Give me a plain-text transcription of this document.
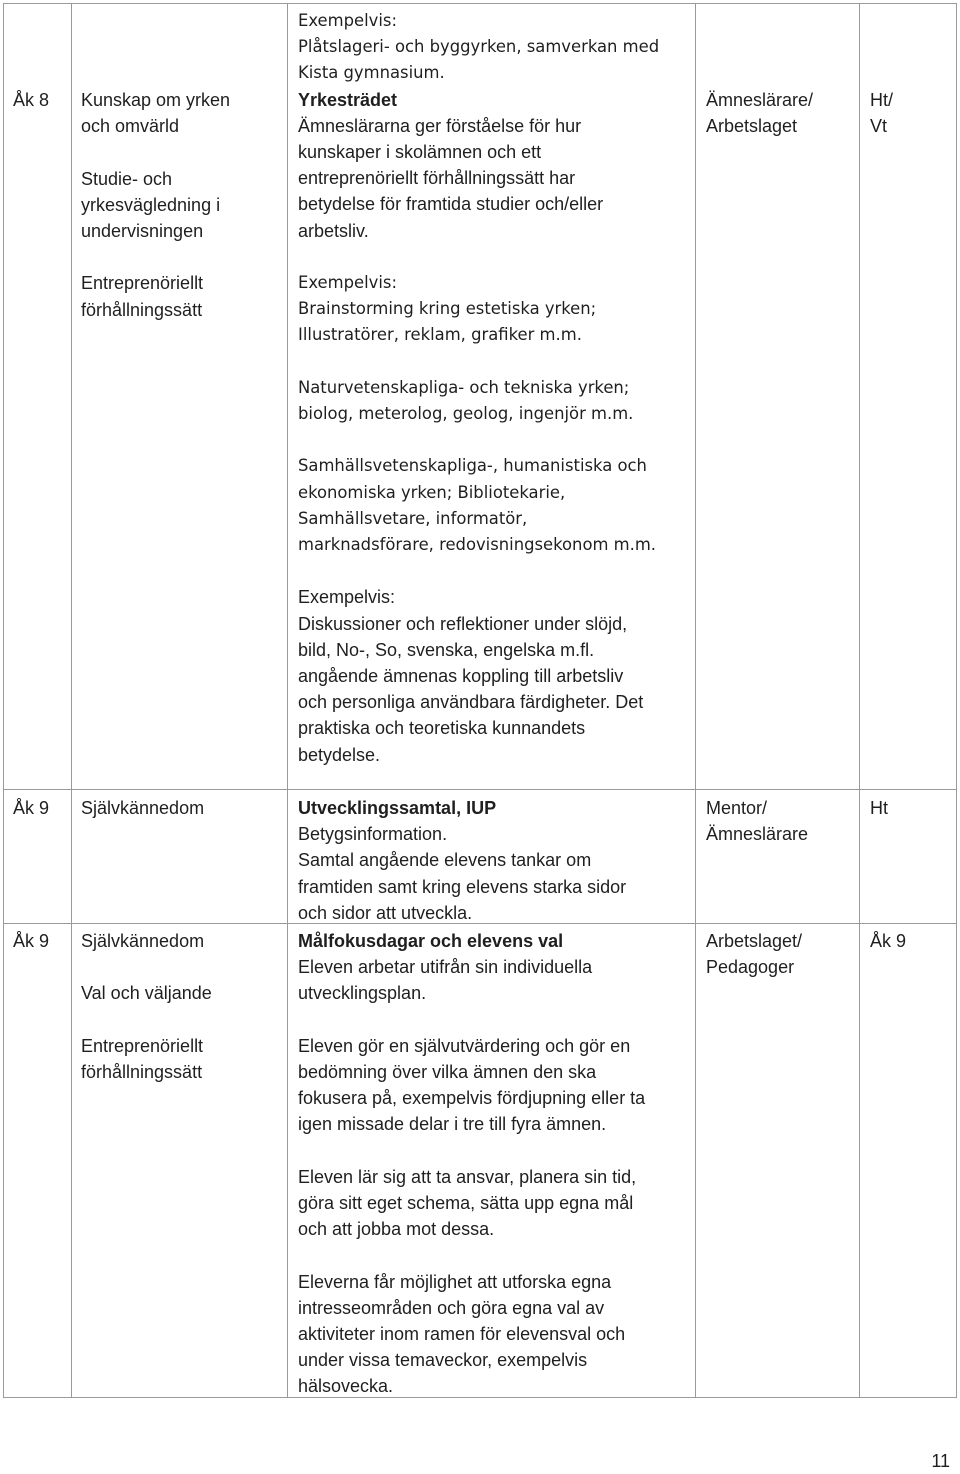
Åk 8 Kunskap om yrken
och omvärld
Studie- och
yrkesvägledning i
undervisningen
Entreprenöriellt
förhållningssätt
Exempelvis:
Plåtslageri- och byggyrken, samverkan med
Kista gymnasium.
Yrkesträdet
Ämneslärarna ger förståelse för hur
kunskaper i skolämnen och ett
entreprenöriellt förhållningssätt har
betydelse för framtida studier och/eller
arbetsliv.
Exempelvis:
Brainstorming kring estetiska yrken;
Illustratörer, reklam, grafiker m.m.
Naturvetenskapliga- och tekniska yrken;
biolog, meterolog, geolog, ingenjör m.m.
Samhällsvetenskapliga-, humanistiska och
ekonomiska yrken; Bibliotekarie,
Samhällsvetare, informatör,
marknadsförare, redovisningsekonom m.m.
Exempelvis:
Diskussioner och reflektioner under slöjd,
bild, No-, So, svenska, engelska m.fl.
angående ämnenas koppling till arbetsliv
och personliga användbara färdigheter. Det
praktiska och teoretiska kunnandets
betydelse.
Ämneslärare/
Arbetslaget
Ht/
Vt
Åk 9 Självkännedom	Utvecklingssamtal, IUP
Betygsinformation.
Samtal angående elevens tankar om
framtiden samt kring elevens starka sidor
och sidor att utveckla.
Mentor/
Ämneslärare
Ht
Åk 9 Självkännedom
Val och väljande
Entreprenöriellt
förhållningssätt
Målfokusdagar och elevens val
Eleven arbetar utifrån sin individuella
utvecklingsplan.
Eleven gör en självutvärdering och gör en
bedömning över vilka ämnen den ska
fokusera på, exempelvis fördjupning eller ta
igen missade delar i tre till fyra ämnen.
Eleven lär sig att ta ansvar, planera sin tid,
göra sitt eget schema, sätta upp egna mål
och att jobba mot dessa.
Eleverna får möjlighet att utforska egna
intresseområden och göra egna val av
aktiviteter inom ramen för elevensval och
under vissa temaveckor, exempelvis
hälsovecka.
Arbetslaget/
Pedagoger
Åk 9
11
